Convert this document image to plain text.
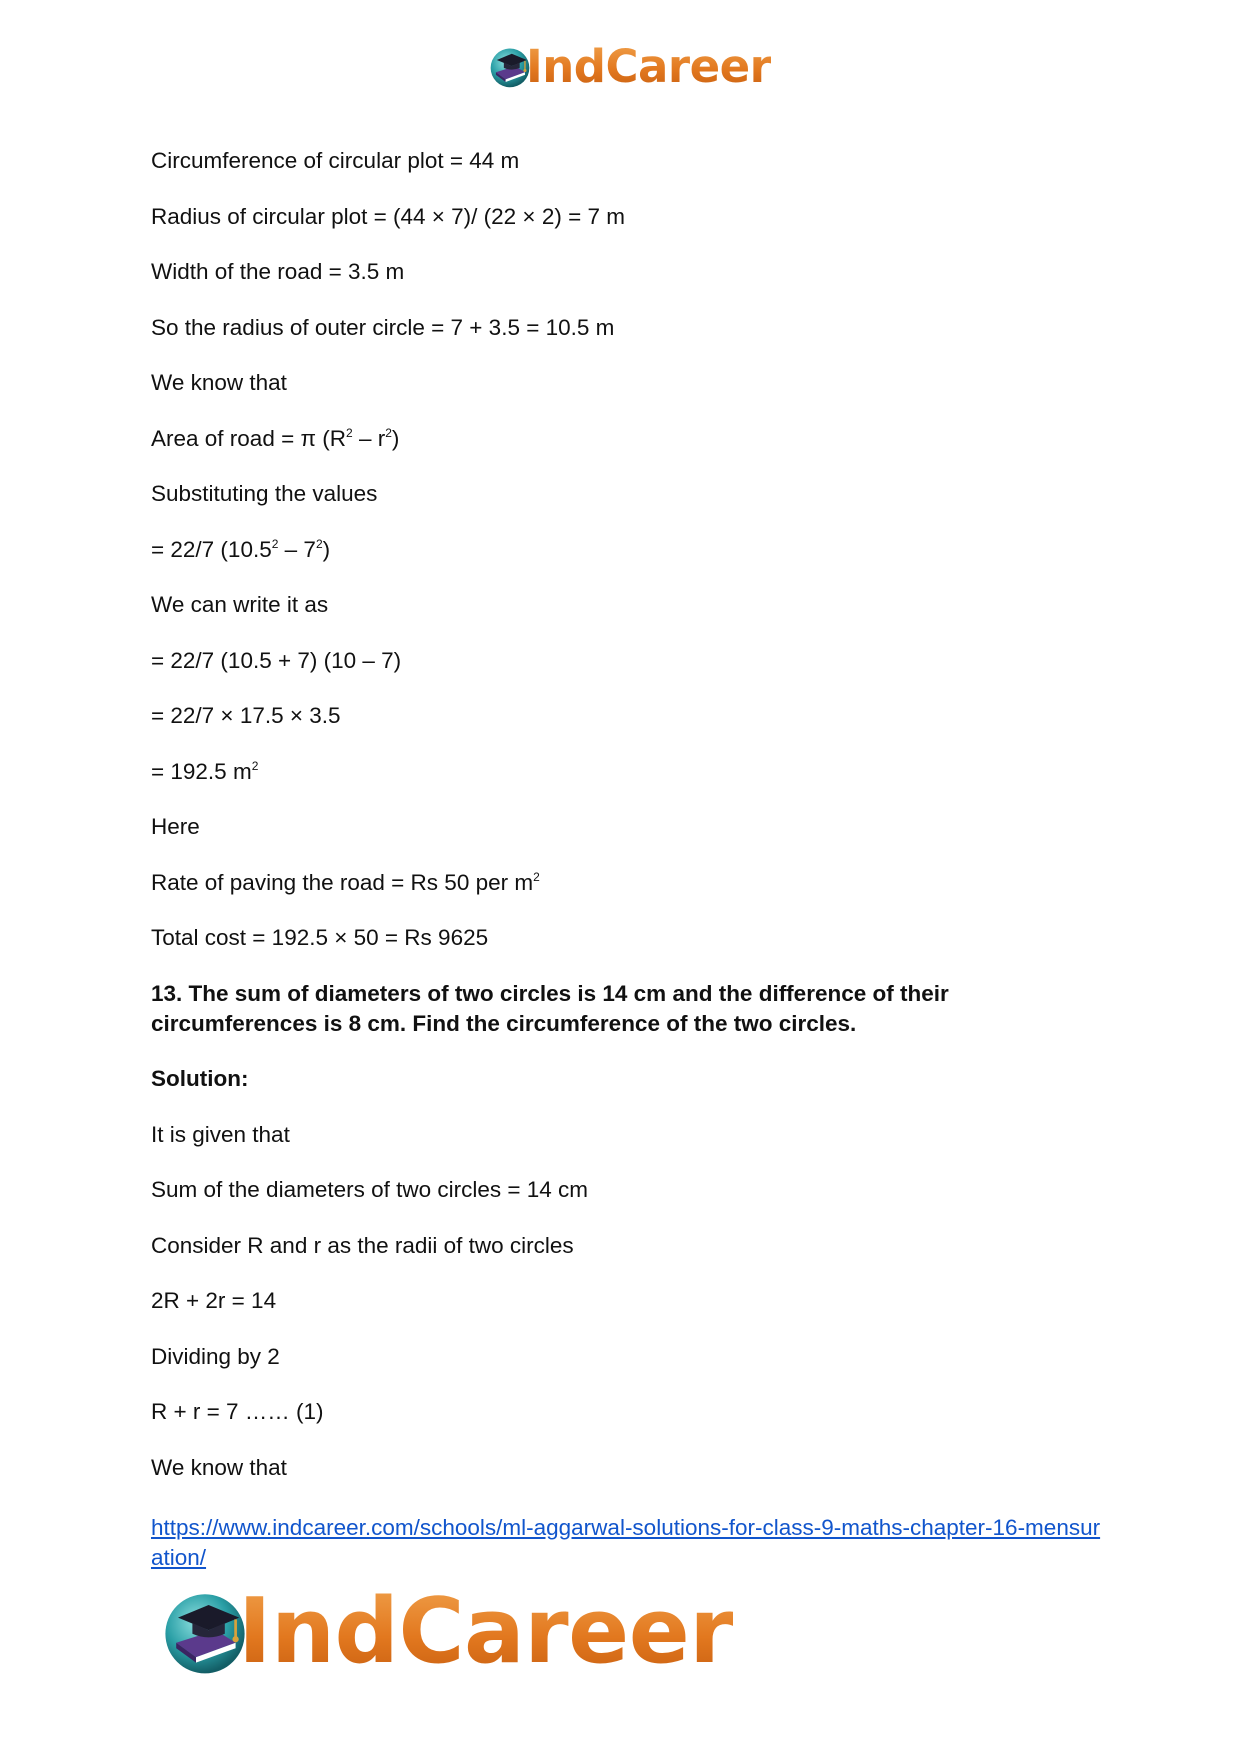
IndCareer
Circumference of circular plot = 44 m
Radius of circular plot = (44 × 7)/ (22 × 2) = 7 m
Width of the road = 3.5 m
So the radius of outer circle = 7 + 3.5 = 10.5 m
We know that
Area of road = π $(R^2 - r^2)$
Substituting the values
= 22/7 $(10.5^2 - 7^2)$
We can write it as
= 22/7 (10.5 + 7) (10 – 7)
= 22/7 × 17.5 × 3.5
= 192.5 $m^2$
Here
Rate of paving the road = Rs 50 per $m^2$
Total cost = 192.5 × 50 = Rs 9625
13. The sum of diameters of two circles is 14 cm and the difference of their circumferences is 8 cm. Find the circumference of the two circles.
Solution:
It is given that
Sum of the diameters of two circles = 14 cm
Consider R and r as the radii of two circles
2R + 2r = 14
Dividing by 2
R + r = 7 …… (1)
We know that
https://www.indcareer.com/schools/ml-aggarwal-solutions-for-class-9-maths-chapter-16-mensuration/
IndCareer
